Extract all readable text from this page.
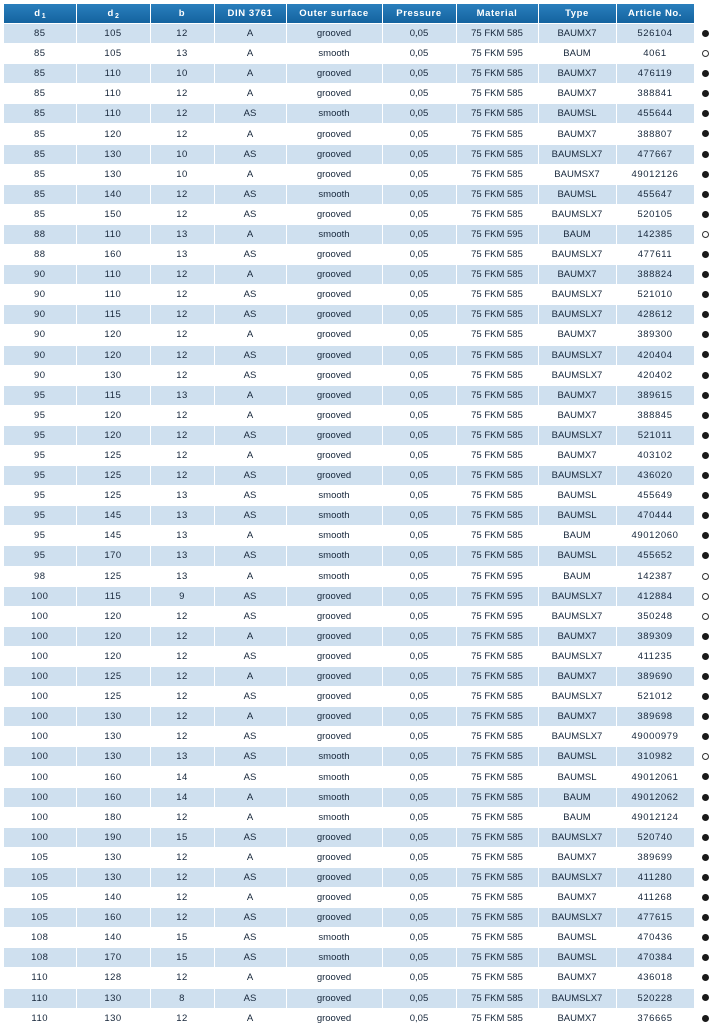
$d_1$	$d_2$	b	DIN 3761	Outer surface	Pressure	Material	Type	Article No.	
85	105	12	A	grooved	0,05	75 FKM 585	BAUMX7	526104	
85	105	13	A	smooth	0,05	75 FKM 595	BAUM	4061	
85	110	10	A	grooved	0,05	75 FKM 585	BAUMX7	476119	
85	110	12	A	grooved	0,05	75 FKM 585	BAUMX7	388841	
85	110	12	AS	smooth	0,05	75 FKM 585	BAUMSL	455644	
85	120	12	A	grooved	0,05	75 FKM 585	BAUMX7	388807	
85	130	10	AS	grooved	0,05	75 FKM 585	BAUMSLX7	477667	
85	130	10	A	grooved	0,05	75 FKM 585	BAUMSX7	49012126	
85	140	12	AS	smooth	0,05	75 FKM 585	BAUMSL	455647	
85	150	12	AS	grooved	0,05	75 FKM 585	BAUMSLX7	520105	
88	110	13	A	smooth	0,05	75 FKM 595	BAUM	142385	
88	160	13	AS	grooved	0,05	75 FKM 585	BAUMSLX7	477611	
90	110	12	A	grooved	0,05	75 FKM 585	BAUMX7	388824	
90	110	12	AS	grooved	0,05	75 FKM 585	BAUMSLX7	521010	
90	115	12	AS	grooved	0,05	75 FKM 585	BAUMSLX7	428612	
90	120	12	A	grooved	0,05	75 FKM 585	BAUMX7	389300	
90	120	12	AS	grooved	0,05	75 FKM 585	BAUMSLX7	420404	
90	130	12	AS	grooved	0,05	75 FKM 585	BAUMSLX7	420402	
95	115	13	A	grooved	0,05	75 FKM 585	BAUMX7	389615	
95	120	12	A	grooved	0,05	75 FKM 585	BAUMX7	388845	
95	120	12	AS	grooved	0,05	75 FKM 585	BAUMSLX7	521011	
95	125	12	A	grooved	0,05	75 FKM 585	BAUMX7	403102	
95	125	12	AS	grooved	0,05	75 FKM 585	BAUMSLX7	436020	
95	125	13	AS	smooth	0,05	75 FKM 585	BAUMSL	455649	
95	145	13	AS	smooth	0,05	75 FKM 585	BAUMSL	470444	
95	145	13	A	smooth	0,05	75 FKM 585	BAUM	49012060	
95	170	13	AS	smooth	0,05	75 FKM 585	BAUMSL	455652	
98	125	13	A	smooth	0,05	75 FKM 595	BAUM	142387	
100	115	9	AS	grooved	0,05	75 FKM 595	BAUMSLX7	412884	
100	120	12	AS	grooved	0,05	75 FKM 595	BAUMSLX7	350248	
100	120	12	A	grooved	0,05	75 FKM 585	BAUMX7	389309	
100	120	12	AS	grooved	0,05	75 FKM 585	BAUMSLX7	411235	
100	125	12	A	grooved	0,05	75 FKM 585	BAUMX7	389690	
100	125	12	AS	grooved	0,05	75 FKM 585	BAUMSLX7	521012	
100	130	12	A	grooved	0,05	75 FKM 585	BAUMX7	389698	
100	130	12	AS	grooved	0,05	75 FKM 585	BAUMSLX7	49000979	
100	130	13	AS	smooth	0,05	75 FKM 585	BAUMSL	310982	
100	160	14	AS	smooth	0,05	75 FKM 585	BAUMSL	49012061	
100	160	14	A	smooth	0,05	75 FKM 585	BAUM	49012062	
100	180	12	A	smooth	0,05	75 FKM 585	BAUM	49012124	
100	190	15	AS	grooved	0,05	75 FKM 585	BAUMSLX7	520740	
105	130	12	A	grooved	0,05	75 FKM 585	BAUMX7	389699	
105	130	12	AS	grooved	0,05	75 FKM 585	BAUMSLX7	411280	
105	140	12	A	grooved	0,05	75 FKM 585	BAUMX7	411268	
105	160	12	AS	grooved	0,05	75 FKM 585	BAUMSLX7	477615	
108	140	15	AS	smooth	0,05	75 FKM 585	BAUMSL	470436	
108	170	15	AS	smooth	0,05	75 FKM 585	BAUMSL	470384	
110	128	12	A	grooved	0,05	75 FKM 585	BAUMX7	436018	
110	130	8	AS	grooved	0,05	75 FKM 585	BAUMSLX7	520228	
110	130	12	A	grooved	0,05	75 FKM 585	BAUMX7	376665	
